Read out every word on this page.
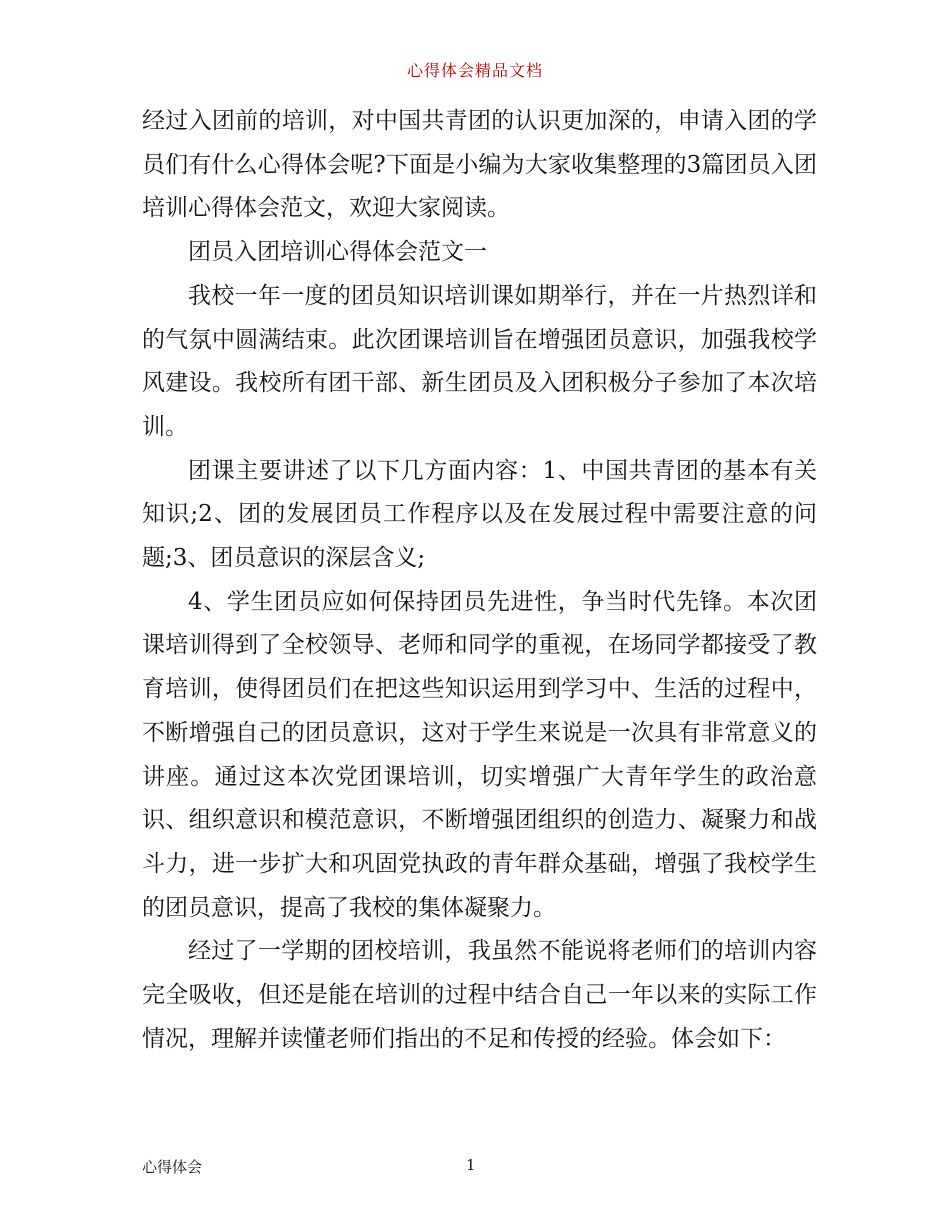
心得体会精品文档

经过入团前的培训，对中国共青团的认识更加深的，申请入团的学员们有什么心得体会呢?下面是小编为大家收集整理的3篇团员入团培训心得体会范文，欢迎大家阅读。

团员入团培训心得体会范文一

我校一年一度的团员知识培训课如期举行，并在一片热烈详和的气氛中圆满结束。此次团课培训旨在增强团员意识，加强我校学风建设。我校所有团干部、新生团员及入团积极分子参加了本次培训。

团课主要讲述了以下几方面内容：1、中国共青团的基本有关知识;2、团的发展团员工作程序以及在发展过程中需要注意的问题;3、团员意识的深层含义;

4、学生团员应如何保持团员先进性，争当时代先锋。本次团课培训得到了全校领导、老师和同学的重视，在场同学都接受了教育培训，使得团员们在把这些知识运用到学习中、生活的过程中，不断增强自己的团员意识，这对于学生来说是一次具有非常意义的讲座。通过这本次党团课培训，切实增强广大青年学生的政治意识、组织意识和模范意识，不断增强团组织的创造力、凝聚力和战斗力，进一步扩大和巩固党执政的青年群众基础，增强了我校学生的团员意识，提高了我校的集体凝聚力。

经过了一学期的团校培训，我虽然不能说将老师们的培训内容完全吸收，但还是能在培训的过程中结合自己一年以来的实际工作情况，理解并读懂老师们指出的不足和传授的经验。体会如下：

心得体会	1
